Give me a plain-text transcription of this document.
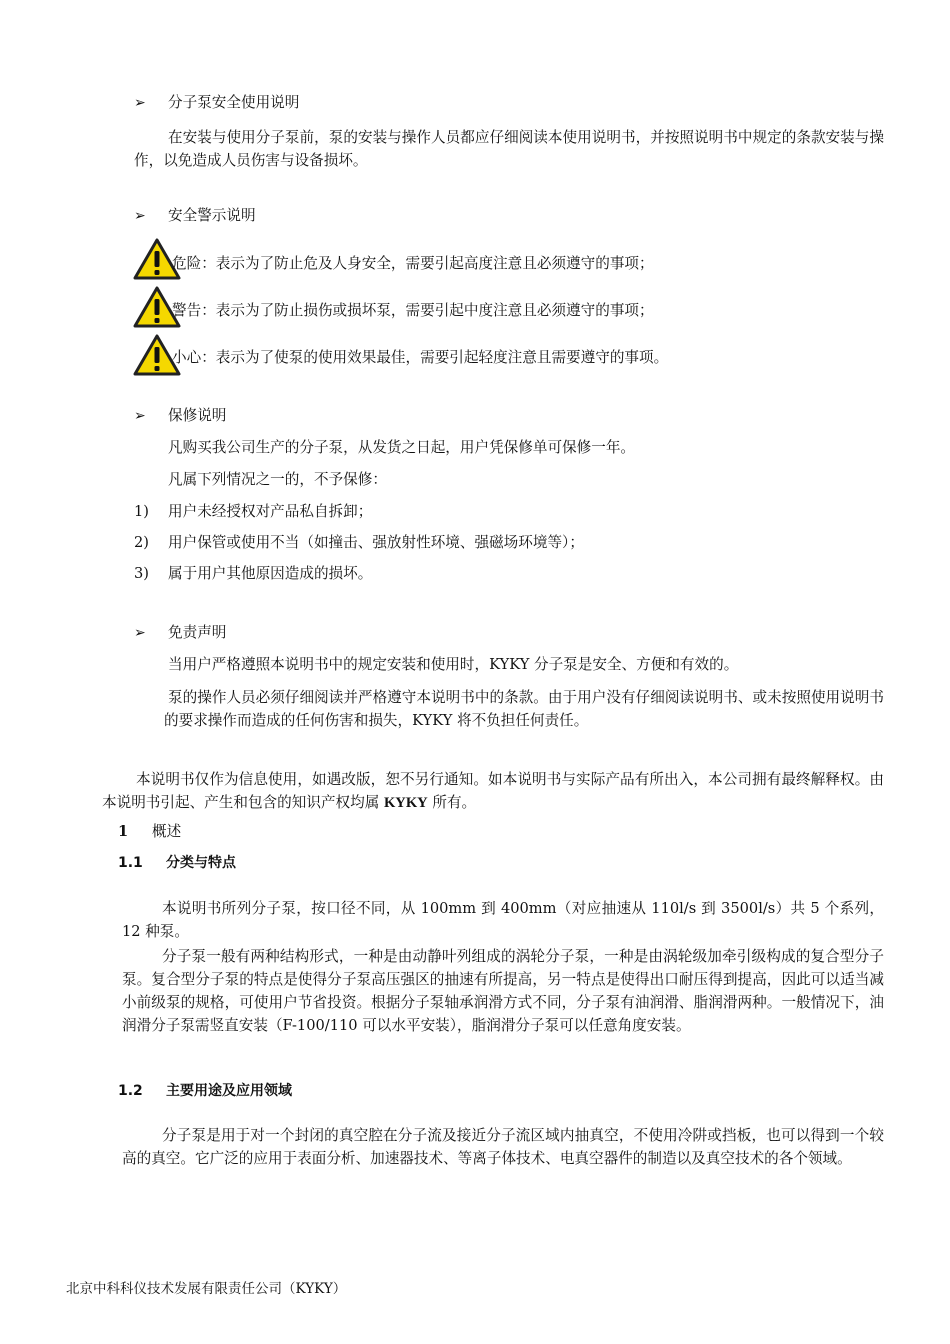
➢ 分子泵安全使用说明
在安装与使用分子泵前，泵的安装与操作人员都应仔细阅读本使用说明书，并按照说明书中规定的条款安装与操作，以免造成人员伤害与设备损坏。
➢ 安全警示说明
危险：表示为了防止危及人身安全，需要引起高度注意且必须遵守的事项；
警告：表示为了防止损伤或损坏泵，需要引起中度注意且必须遵守的事项；
小心：表示为了使泵的使用效果最佳，需要引起轻度注意且需要遵守的事项。
➢ 保修说明
凡购买我公司生产的分子泵，从发货之日起，用户凭保修单可保修一年。
凡属下列情况之一的，不予保修：
1) 用户未经授权对产品私自拆卸；
2) 用户保管或使用不当（如撞击、强放射性环境、强磁场环境等）；
3) 属于用户其他原因造成的损坏。
➢ 免责声明
当用户严格遵照本说明书中的规定安装和使用时，KYKY 分子泵是安全、方便和有效的。
泵的操作人员必须仔细阅读并严格遵守本说明书中的条款。由于用户没有仔细阅读说明书、或未按照使用说明书的要求操作而造成的任何伤害和损失，KYKY 将不负担任何责任。
本说明书仅作为信息使用，如遇改版，恕不另行通知。如本说明书与实际产品有所出入，本公司拥有最终解释权。由本说明书引起、产生和包含的知识产权均属 KYKY 所有。
1 概述
1.1 分类与特点
本说明书所列分子泵，按口径不同，从 100mm 到 400mm（对应抽速从 110l/s 到 3500l/s）共 5 个系列，12 种泵。
分子泵一般有两种结构形式，一种是由动静叶列组成的涡轮分子泵，一种是由涡轮级加牵引级构成的复合型分子泵。复合型分子泵的特点是使得分子泵高压强区的抽速有所提高，另一特点是使得出口耐压得到提高，因此可以适当减小前级泵的规格，可使用户节省投资。根据分子泵轴承润滑方式不同，分子泵有油润滑、脂润滑两种。一般情况下，油润滑分子泵需竖直安装（F-100/110 可以水平安装），脂润滑分子泵可以任意角度安装。
1.2 主要用途及应用领域
分子泵是用于对一个封闭的真空腔在分子流及接近分子流区域内抽真空，不使用冷阱或挡板，也可以得到一个较高的真空。它广泛的应用于表面分析、加速器技术、等离子体技术、电真空器件的制造以及真空技术的各个领域。
北京中科科仪技术发展有限责任公司（KYKY）
